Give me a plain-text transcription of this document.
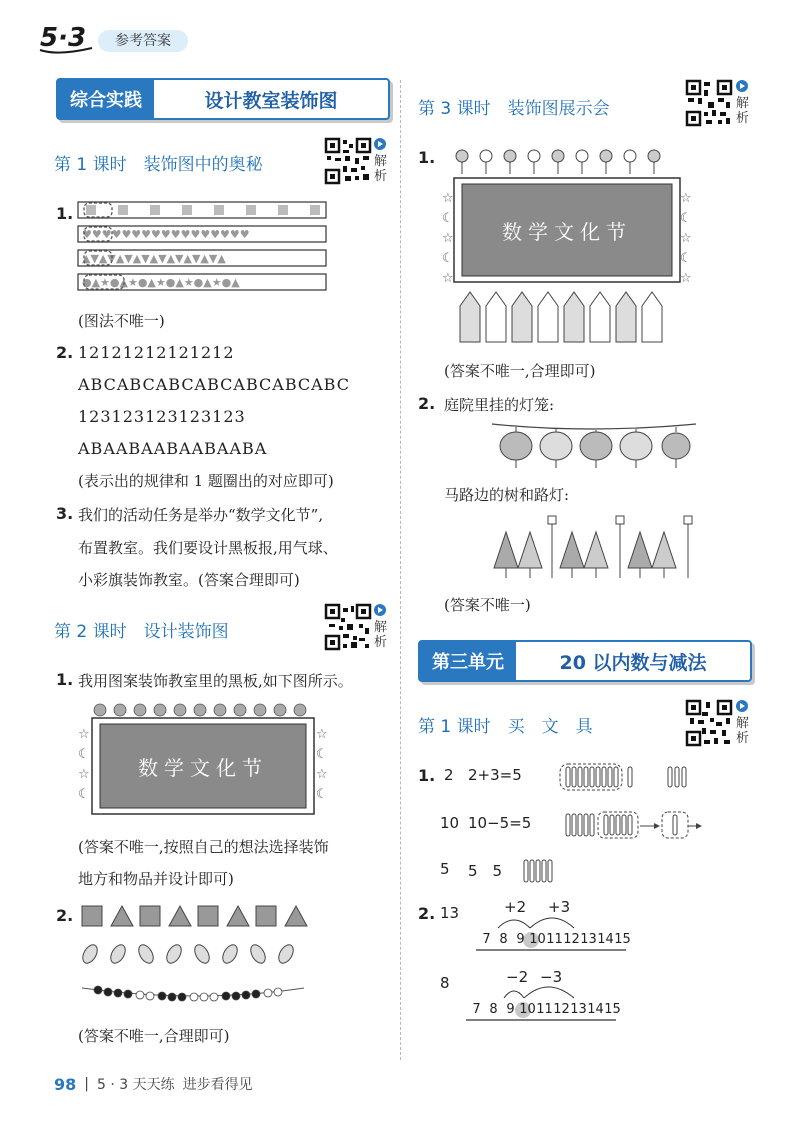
5·3	参考答案
综合实践	设计教室装饰图
第 1 课时　装饰图中的奥秘	解析
1.
♥♥♥♥♥♥♥♥♥♥♥♥♥♥♥♥♥
▲▼▲▼▲▼▲▼▲▼▲▼▲▼▲▼▲
●▲★●▲★●▲★●▲★●▲★●▲
(图法不唯一)
2. 12121212121212
ABCABCABCABCABCABCABC
123123123123123
ABAABAABAABAABA
(表示出的规律和 1 题圈出的对应即可)
3. 我们的活动任务是举办“数学文化节”,
布置教室。我们要设计黑板报,用气球、
小彩旗装饰教室。(答案合理即可)
第 2 课时　设计装饰图	解析
1. 我用图案装饰教室里的黑板,如下图所示。
☆
☾
☆
☾
☆
☾
☆
☾
数学文化节
(答案不唯一,按照自己的想法选择装饰
地方和物品并设计即可)
2.
(答案不唯一,合理即可)
第 3 课时　装饰图展示会	解析
1.
☆
☾
☆
☾
☆
☆
☾
☆
☾
☆
数学文化节
(答案不唯一,合理即可)
2. 庭院里挂的灯笼:
马路边的树和路灯:
(答案不唯一)
第三单元	20 以内数与减法
第 1 课时　买　文　具	解析
1. 2 2+3=5
10 10−5=5
5 5　5
2. 13	+2 +3
7 8 9 10 11 12 13 14 15
8	−2 −3
7 8 9 10 11 12 13 14 15
98 | 5 · 3 天天练 进步看得见
